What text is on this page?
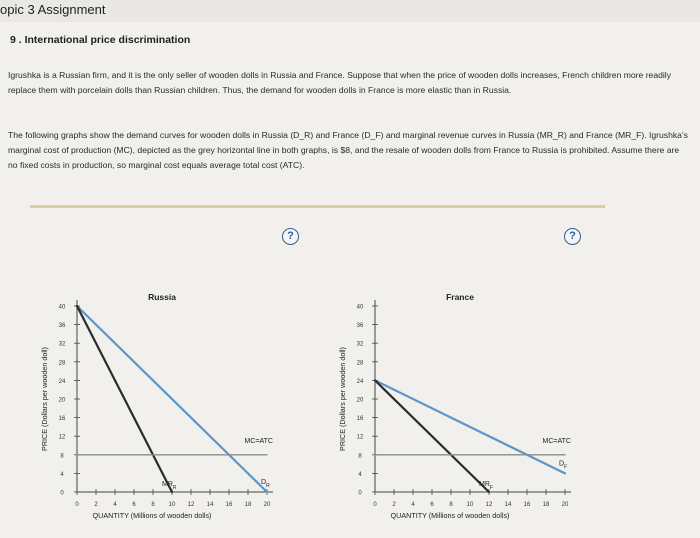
opic 3 Assignment
9 . International price discrimination
Igrushka is a Russian firm, and it is the only seller of wooden dolls in Russia and France. Suppose that when the price of wooden dolls increases, French children more readily replace them with porcelain dolls than Russian children. Thus, the demand for wooden dolls in France is more elastic than in Russia.
The following graphs show the demand curves for wooden dolls in Russia (D_R) and France (D_F) and marginal revenue curves in Russia (MR_R) and France (MR_F). Igrushka's marginal cost of production (MC), depicted as the grey horizontal line in both graphs, is $8, and the resale of wooden dolls from France to Russia is prohibited. Assume there are no fixed costs in production, so marginal cost equals average total cost (ATC).
?	?
Russia
0
4
8
12
16
20
24
28
32
36
40
0	2	4	6	8 10 12 14 16 18 20
QUANTITY (Millions of wooden dolls)
PRICE (Dollars per wooden doll)
$D_R$
$MR_R$
MC=ATC
France
0
4
8
12
16
20
24
28
32
36
40
0	2	4	6	8 10 12 14 16 18 20
QUANTITY (Millions of wooden dolls)
PRICE (Dollars per wooden doll)
$D_F$
$MR_F$
MC=ATC
